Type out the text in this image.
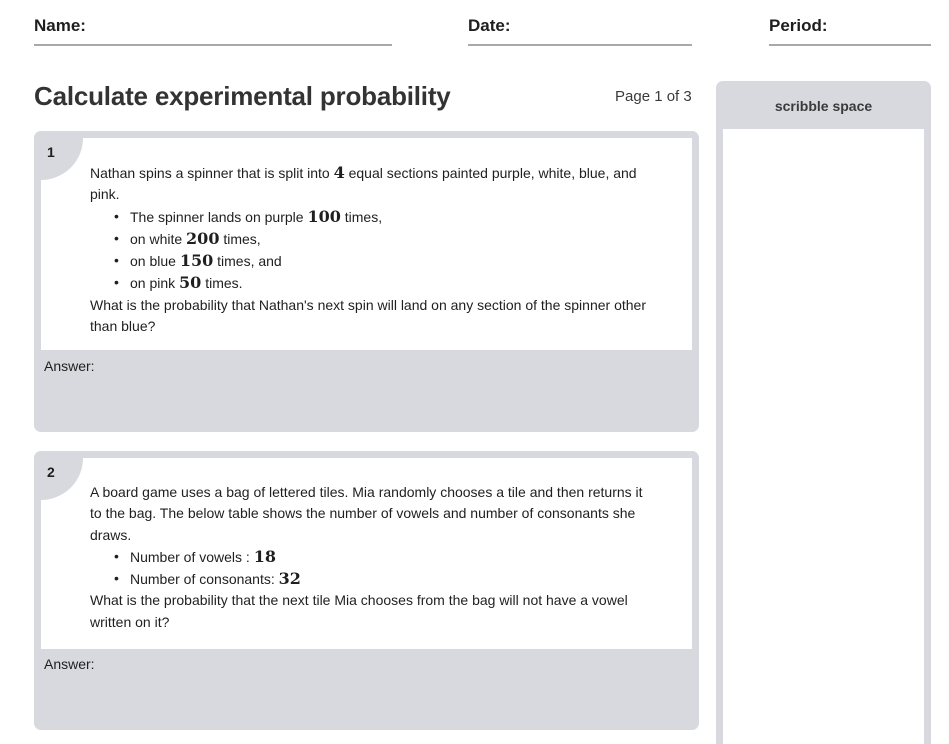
Name:	Date:	Period:
Calculate experimental probability	Page 1 of 3
scribble space
1
Nathan spins a spinner that is split into 4 equal sections painted purple, white, blue, and pink.
• The spinner lands on purple 100 times,
• on white 200 times,
• on blue 150 times, and
• on pink 50 times.
What is the probability that Nathan's next spin will land on any section of the spinner other than blue?
Answer:
2
A board game uses a bag of lettered tiles. Mia randomly chooses a tile and then returns it to the bag. The below table shows the number of vowels and number of consonants she draws.
• Number of vowels : 18
• Number of consonants: 32
What is the probability that the next tile Mia chooses from the bag will not have a vowel written on it?
Answer:
